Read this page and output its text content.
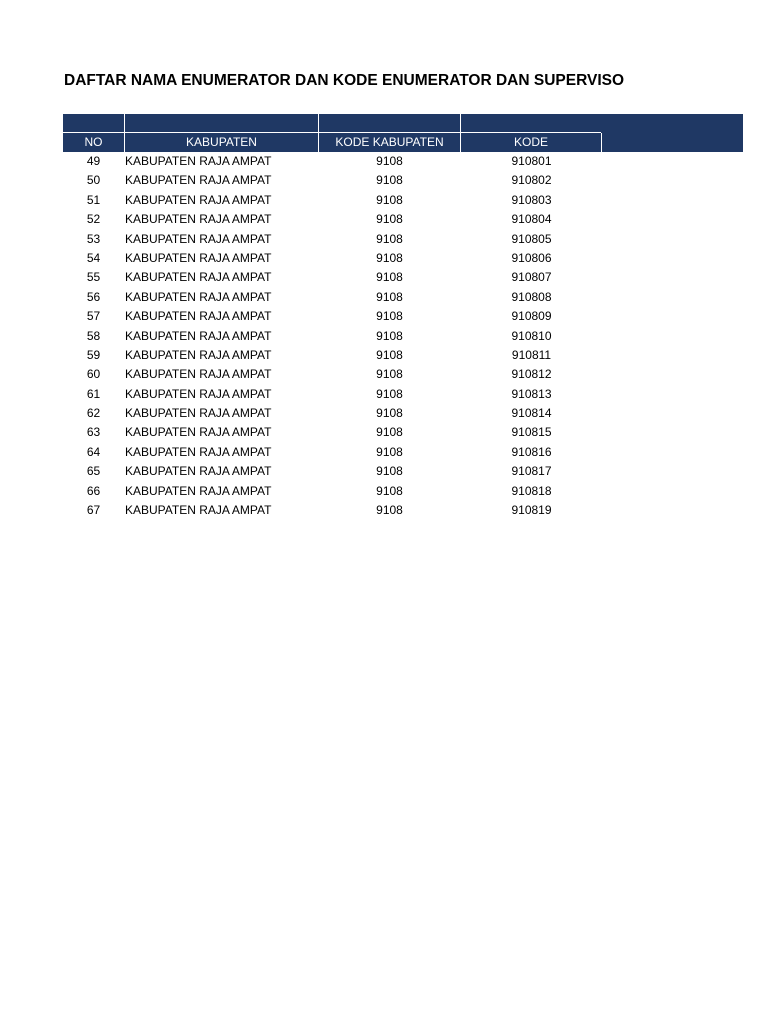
DAFTAR NAMA ENUMERATOR DAN KODE ENUMERATOR DAN SUPERVISO
NO	KABUPATEN	KODE KABUPATEN	KODE
49	KABUPATEN RAJA AMPAT	9108	910801
50	KABUPATEN RAJA AMPAT	9108	910802
51	KABUPATEN RAJA AMPAT	9108	910803
52	KABUPATEN RAJA AMPAT	9108	910804
53	KABUPATEN RAJA AMPAT	9108	910805
54	KABUPATEN RAJA AMPAT	9108	910806
55	KABUPATEN RAJA AMPAT	9108	910807
56	KABUPATEN RAJA AMPAT	9108	910808
57	KABUPATEN RAJA AMPAT	9108	910809
58	KABUPATEN RAJA AMPAT	9108	910810
59	KABUPATEN RAJA AMPAT	9108	910811
60	KABUPATEN RAJA AMPAT	9108	910812
61	KABUPATEN RAJA AMPAT	9108	910813
62	KABUPATEN RAJA AMPAT	9108	910814
63	KABUPATEN RAJA AMPAT	9108	910815
64	KABUPATEN RAJA AMPAT	9108	910816
65	KABUPATEN RAJA AMPAT	9108	910817
66	KABUPATEN RAJA AMPAT	9108	910818
67	KABUPATEN RAJA AMPAT	9108	910819
